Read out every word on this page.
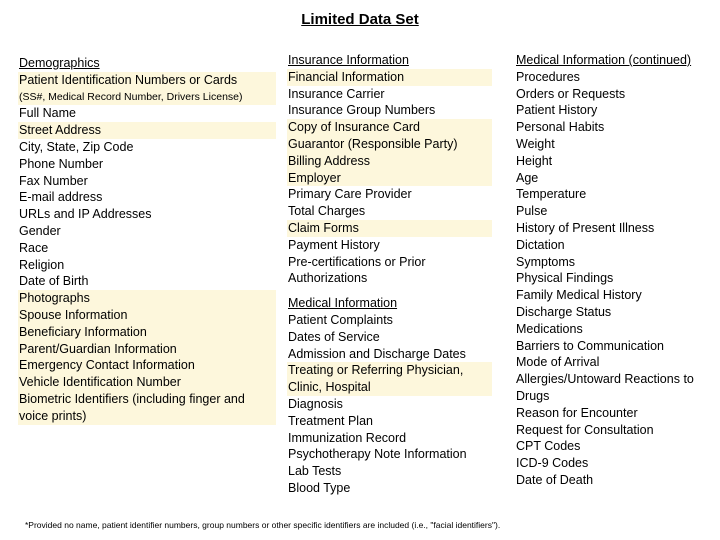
Limited Data Set
Demographics
Patient Identification Numbers or Cards
(SS#, Medical Record Number, Drivers License)
Full Name
Street Address
City, State, Zip Code
Phone Number
Fax Number
E-mail address
URLs and IP Addresses
Gender
Race
Religion
Date of Birth
Photographs
Spouse Information
Beneficiary Information
Parent/Guardian Information
Emergency Contact Information
Vehicle Identification Number
Biometric Identifiers (including finger and voice prints)
Insurance Information
Financial Information
Insurance Carrier
Insurance Group Numbers
Copy of Insurance Card
Guarantor (Responsible Party)
Billing Address
Employer
Primary Care Provider
Total Charges
Claim Forms
Payment History
Pre-certifications or Prior
Authorizations
Medical Information
Patient Complaints
Dates of Service
Admission and Discharge Dates
Treating or Referring Physician,
Clinic, Hospital
Diagnosis
Treatment Plan
Immunization Record
Psychotherapy Note Information
Lab Tests
Blood Type
Medical Information (continued)
Procedures
Orders or Requests
Patient History
Personal Habits
Weight
Height
Age
Temperature
Pulse
History of Present Illness
Dictation
Symptoms
Physical Findings
Family Medical History
Discharge Status
Medications
Barriers to Communication
Mode of Arrival
Allergies/Untoward Reactions to
Drugs
Reason for Encounter
Request for Consultation
CPT Codes
ICD-9 Codes
Date of Death
*Provided no name, patient identifier numbers, group numbers or other specific identifiers are included (i.e., "facial identifiers").
